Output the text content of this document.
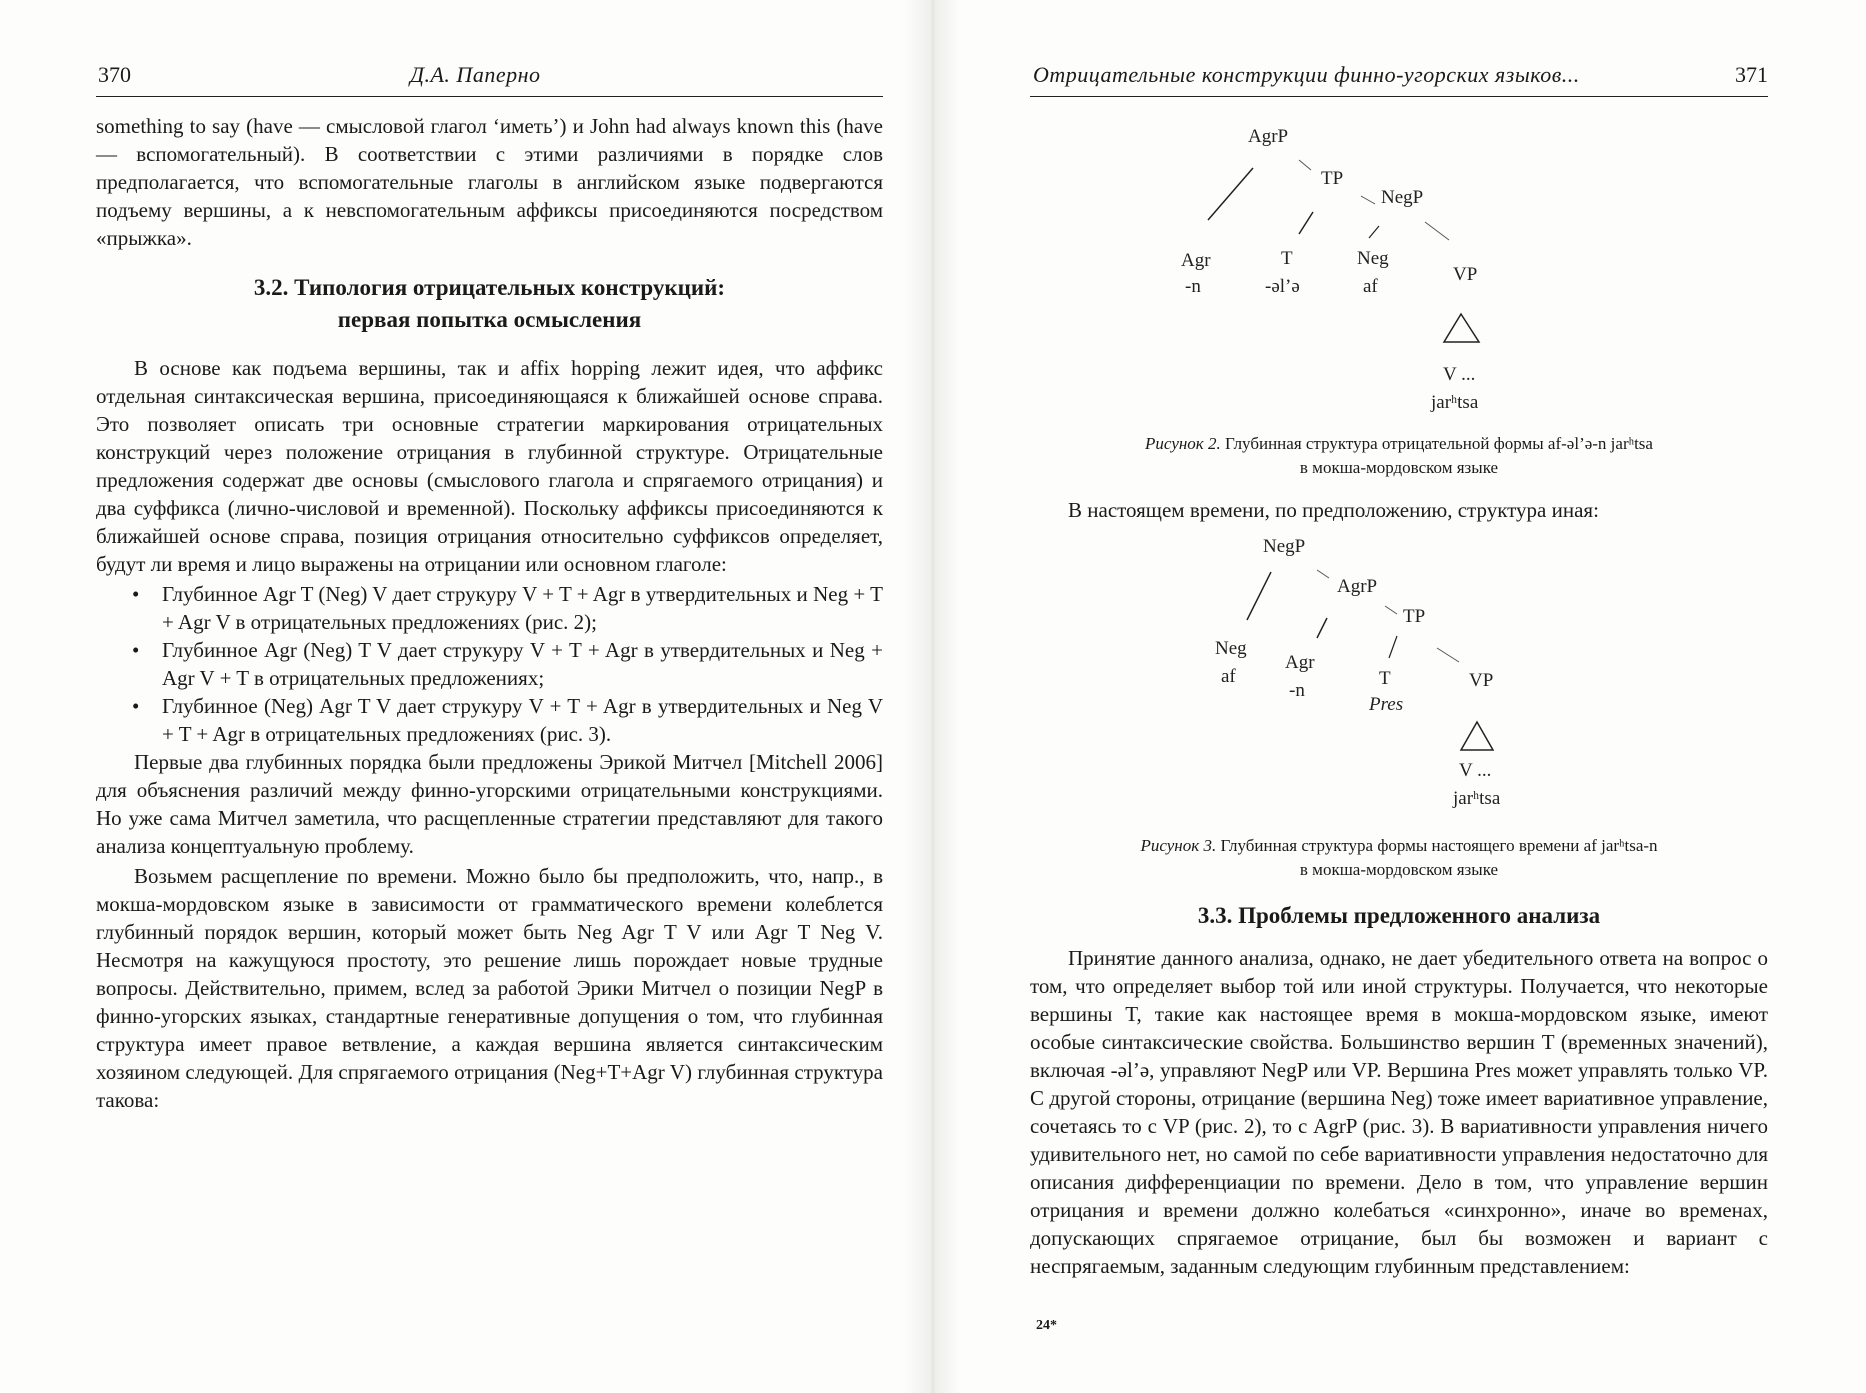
370	Д.А. Паперно

something to say (have — смысловой глагол ‘иметь’) и John had always known this (have — вспомогательный). В соответствии с этими различиями в порядке слов предполагается, что вспомогательные глаголы в английском языке подвергаются подъему вершины, а к невспомогательным аффиксы присоединяются посредством «прыжка».

3.2. Типология отрицательных конструкций:
первая попытка осмысления

В основе как подъема вершины, так и affix hopping лежит идея, что аффикс отдельная синтаксическая вершина, присоединяющаяся к ближайшей основе справа. Это позволяет описать три основные стратегии маркирования отрицательных конструкций через положение отрицания в глубинной структуре. Отрицательные предложения содержат две основы (смыслового глагола и спрягаемого отрицания) и два суффикса (лично-числовой и временной). Поскольку аффиксы присоединяются к ближайшей основе справа, позиция отрицания относительно суффиксов определяет, будут ли время и лицо выражены на отрицании или основном глаголе:

• Глубинное Agr T (Neg) V дает струкуру V + T + Agr в утвердительных и Neg + T + Agr V в отрицательных предложениях (рис. 2);
• Глубинное Agr (Neg) T V дает струкуру V + T + Agr в утвердительных и Neg + Agr V + T в отрицательных предложениях;
• Глубинное (Neg) Agr T V дает струкуру V + T + Agr в утвердительных и Neg V + T + Agr в отрицательных предложениях (рис. 3).

Первые два глубинных порядка были предложены Эрикой Митчел [Mitchell 2006] для объяснения различий между финно-угорскими отрицательными конструкциями. Но уже сама Митчел заметила, что расщепленные стратегии представляют для такого анализа концептуальную проблему.

Возьмем расщепление по времени. Можно было бы предположить, что, напр., в мокша-мордовском языке в зависимости от грамматического времени колеблется глубинный порядок вершин, который может быть Neg Agr T V или Agr T Neg V. Несмотря на кажущуюся простоту, это решение лишь порождает новые трудные вопросы. Действительно, примем, вслед за работой Эрики Митчел о позиции NegP в финно-угорских языках, стандартные генеративные допущения о том, что глубинная структура имеет правое ветвление, а каждая вершина является синтаксическим хозяином следующей. Для спрягаемого отрицания (Neg+T+Agr V) глубинная структура такова:

Отрицательные конструкции финно-угорских языков...	371
AgrP
TP
NegP
Agr
-n
T
-əl’ə
Neg
af
VP
V ...
jarʰtsa
Рисунок 2. Глубинная структура отрицательной формы af-əl’ə-n jarʰtsa
в мокша-мордовском языке

В настоящем времени, по предположению, структура иная:

NegP
AgrP
TP
Neg
af
Agr
-n
T
Pres
VP
V ...
jarʰtsa
Рисунок 3. Глубинная структура формы настоящего времени af jarʰtsa-n
в мокша-мордовском языке
3.3. Проблемы предложенного анализа

Принятие данного анализа, однако, не дает убедительного ответа на вопрос о том, что определяет выбор той или иной структуры. Получается, что некоторые вершины T, такие как настоящее время в мокша-мордовском языке, имеют особые синтаксические свойства. Большинство вершин T (временных значений), включая -əl’ə, управляют NegP или VP. Вершина Pres может управлять только VP. С другой стороны, отрицание (вершина Neg) тоже имеет вариативное управление, сочетаясь то с VP (рис. 2), то с AgrP (рис. 3). В вариативности управления ничего удивительного нет, но самой по себе вариативности управления недостаточно для описания дифференциации по времени. Дело в том, что управление вершин отрицания и времени должно колебаться «синхронно», иначе во временах, допускающих спрягаемое отрицание, был бы возможен и вариант с неспрягаемым, заданным следующим глубинным представлением:

24*
